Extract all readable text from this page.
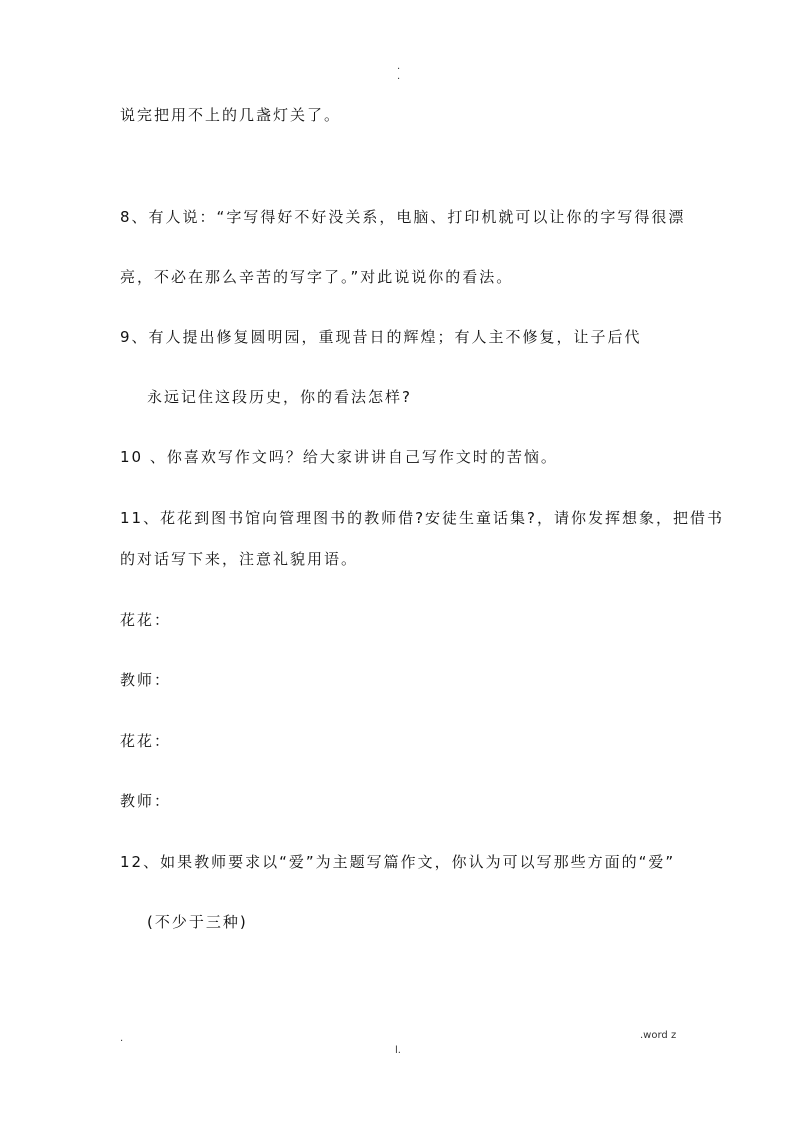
.
.
说完把用不上的几盏灯关了。
8、有人说：“字写得好不好没关系，电脑、打印机就可以让你的字写得很漂
亮，不必在那么辛苦的写字了。”对此说说你的看法。
9、有人提出修复圆明园，重现昔日的辉煌；有人主不修复，让子后代
永远记住这段历史，你的看法怎样?
10 、你喜欢写作文吗？给大家讲讲自己写作文时的苦恼。
11、花花到图书馆向管理图书的教师借?安徒生童话集?，请你发挥想象，把借书
的对话写下来，注意礼貌用语。
花花：
教师：
花花：
教师：
12、如果教师要求以“爱”为主题写篇作文，你认为可以写那些方面的“爱”
(不少于三种)
.	.word z
l.
